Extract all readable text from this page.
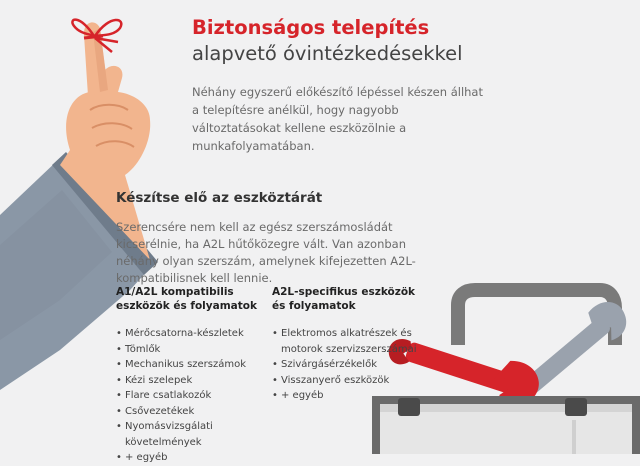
Biztonságos telepítés
alapvető óvintézkedésekkel
Néhány egyszerű előkészítő lépéssel készen állhat a telepítésre anélkül, hogy nagyobb változtatásokat kellene eszközölnie a munkafolyamatában.
Készítse elő az eszköztárát
Szerencsére nem kell az egész szerszámosládát kicserélnie, ha A2L hűtőközegre vált. Van azonban néhány olyan szerszám, amelynek kifejezetten A2L-kompatibilisnek kell lennie.
A1/A2L kompatibilis eszközök és folyamatok
• Mérőcsatorna-készletek
• Tömlők
• Mechanikus szerszámok
• Kézi szelepek
• Flare csatlakozók
• Csővezetékek
• Nyomásvizsgálati követelmények
• + egyéb
A2L-specifikus eszközök és folyamatok
• Elektromos alkatrészek és motorok szervizszerszámai
• Szivárgásérzékelők
• Visszanyerő eszközök
• + egyéb
